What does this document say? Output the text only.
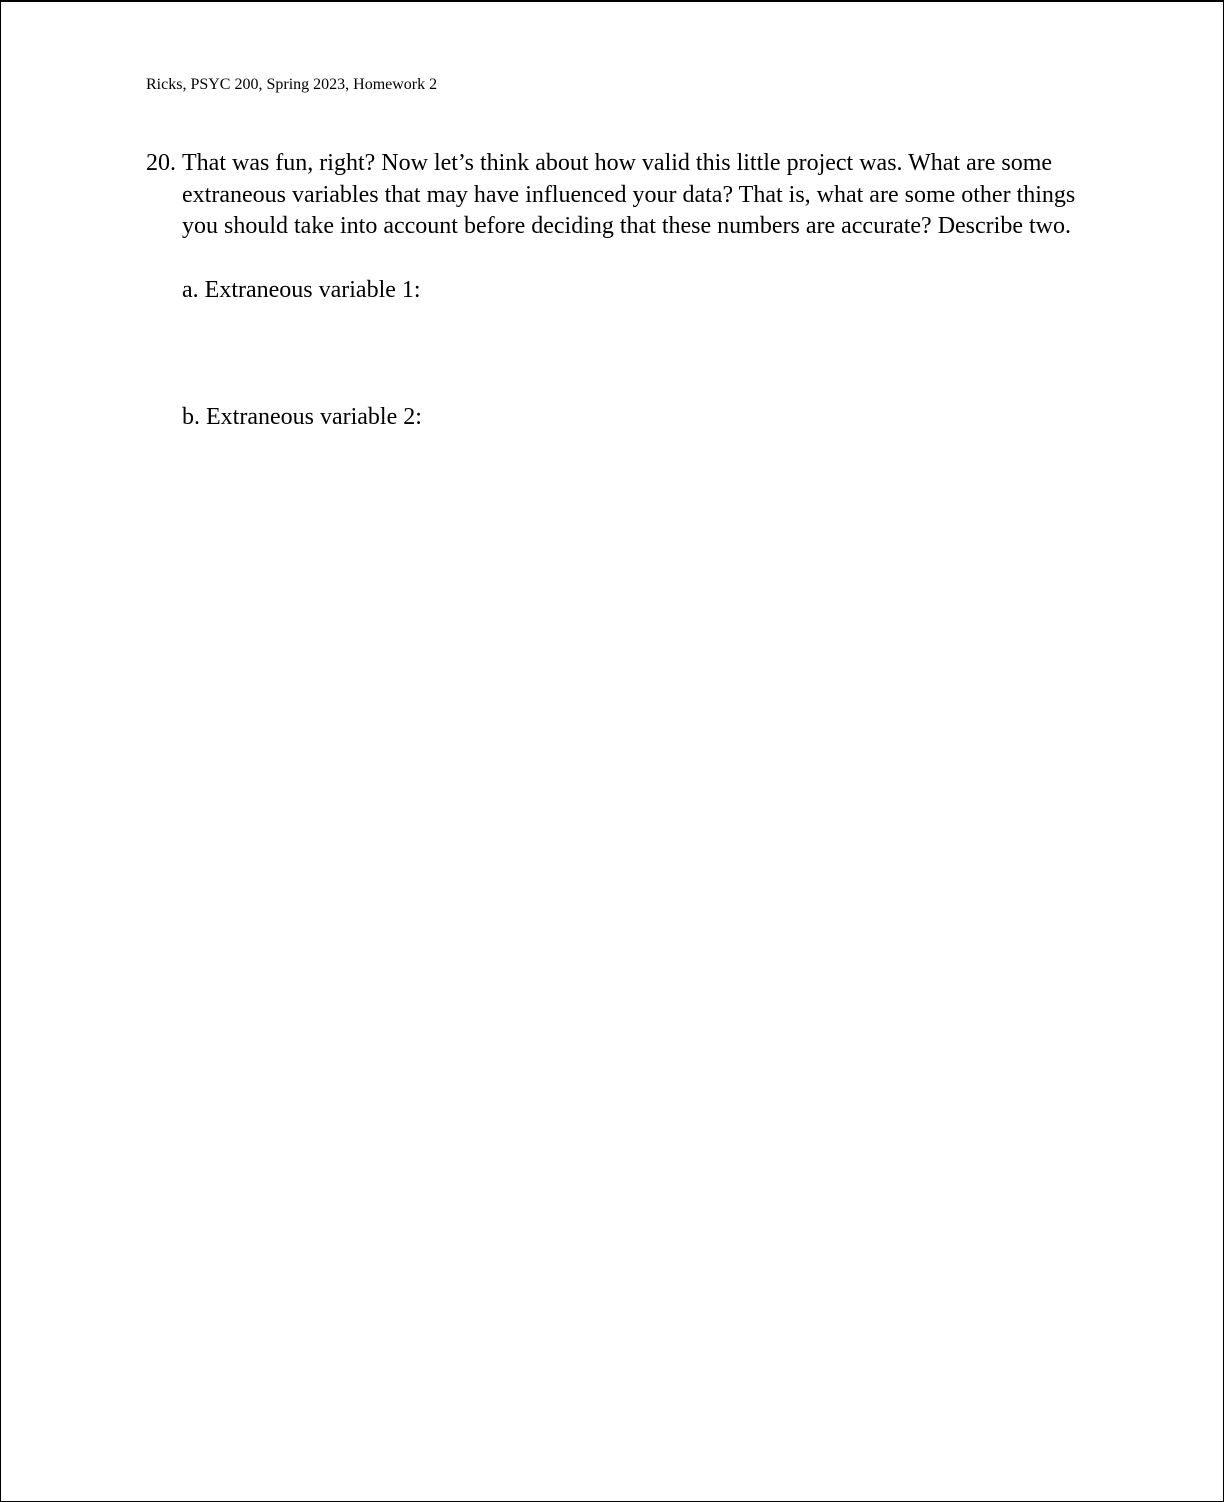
Ricks, PSYC 200, Spring 2023, Homework 2
20. That was fun, right? Now let’s think about how valid this little project was. What are some
extraneous variables that may have influenced your data? That is, what are some other things
you should take into account before deciding that these numbers are accurate? Describe two.
a. Extraneous variable 1:
b. Extraneous variable 2:
